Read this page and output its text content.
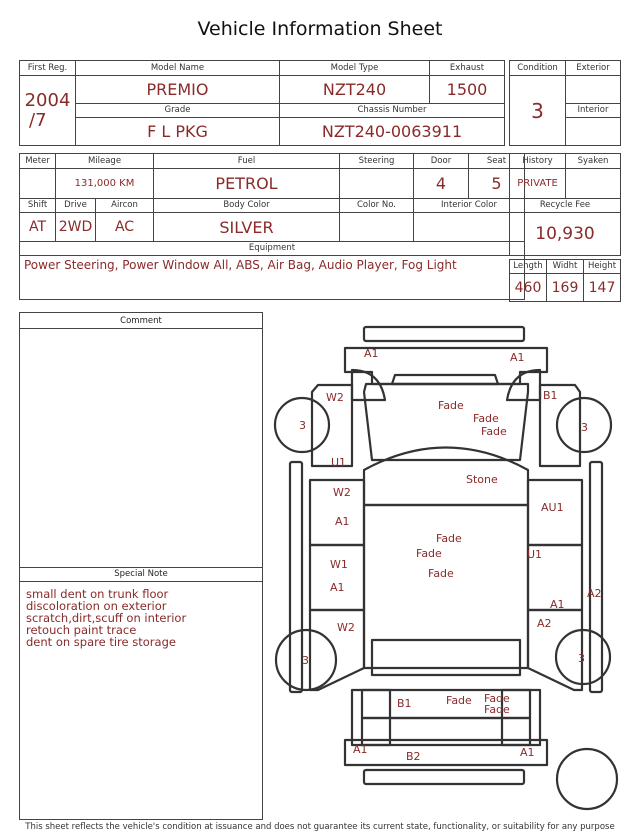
Vehicle Information Sheet
First Reg.	Model Name	Model Type	Exhaust

2004
/7	PREMIO	NZT240	1500
	Grade	Chassis Number	
	F L PKG	NZT240-0063911	
Meter	Mileage		Fuel	Steering	Door	Seat
	131,000 KM		PETROL		4	5
Shift	Drive	Aircon	Body Color	Color No.	Interior Color	
AT	2WD	AC	SILVER			
Equipment						
Power Steering, Power Window All, ABS, Air Bag, Audio Player, Fog Light						
Condition	Exterior
3	
	Interior

History	Syaken
PRIVATE	
Recycle Fee	
10,930	
Length	Widht	Height
460	169	147
Comment
Special Note
small dent on trunk floor
discoloration on exterior
scratch,dirt,scuff on interior
retouch paint trace
dent on spare tire storage
A1	A1
Fade
Fade
Fade
W2	B1
3	3
U1
Stone
W2
A1
AU1
Fade
Fade
Fade
W1
A1
U1
A1
A2
A2
W2
3	3
B1	Fade Fade
Fade
A1
B2	A1
This sheet reflects the vehicle's condition at issuance and does not guarantee its current state, functionality, or suitability for any purpose
